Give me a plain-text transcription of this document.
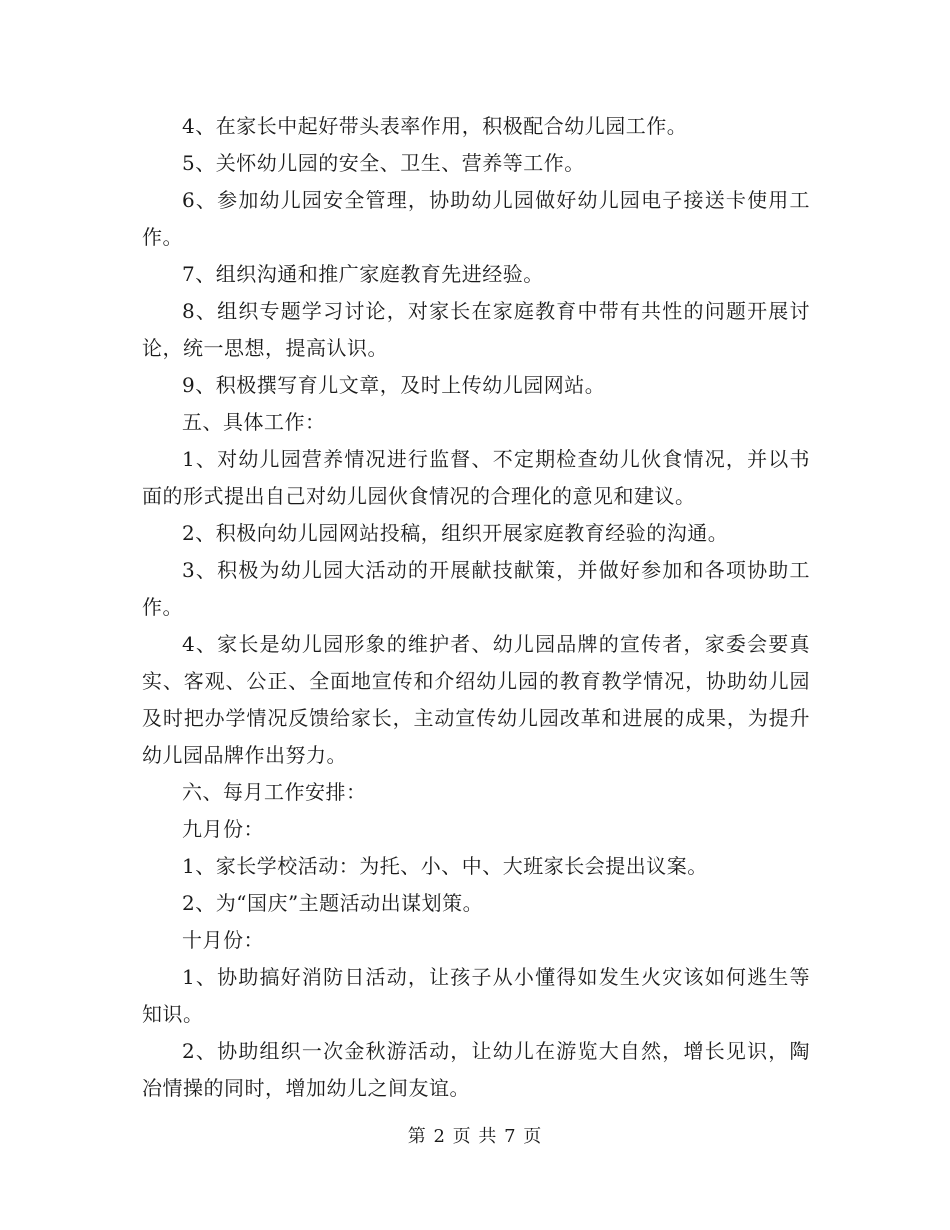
4、在家长中起好带头表率作用，积极配合幼儿园工作。

5、关怀幼儿园的安全、卫生、营养等工作。

6、参加幼儿园安全管理，协助幼儿园做好幼儿园电子接送卡使用工作。

7、组织沟通和推广家庭教育先进经验。

8、组织专题学习讨论，对家长在家庭教育中带有共性的问题开展讨论，统一思想，提高认识。

9、积极撰写育儿文章，及时上传幼儿园网站。

五、具体工作：

1、对幼儿园营养情况进行监督、不定期检查幼儿伙食情况，并以书面的形式提出自己对幼儿园伙食情况的合理化的意见和建议。

2、积极向幼儿园网站投稿，组织开展家庭教育经验的沟通。

3、积极为幼儿园大活动的开展献技献策，并做好参加和各项协助工作。

4、家长是幼儿园形象的维护者、幼儿园品牌的宣传者，家委会要真实、客观、公正、全面地宣传和介绍幼儿园的教育教学情况，协助幼儿园及时把办学情况反馈给家长，主动宣传幼儿园改革和进展的成果，为提升幼儿园品牌作出努力。

六、每月工作安排：

九月份：

1、家长学校活动：为托、小、中、大班家长会提出议案。

2、为“国庆”主题活动出谋划策。

十月份：

1、协助搞好消防日活动，让孩子从小懂得如发生火灾该如何逃生等知识。

2、协助组织一次金秋游活动，让幼儿在游览大自然，增长见识，陶冶情操的同时，增加幼儿之间友谊。

第 2 页 共 7 页
